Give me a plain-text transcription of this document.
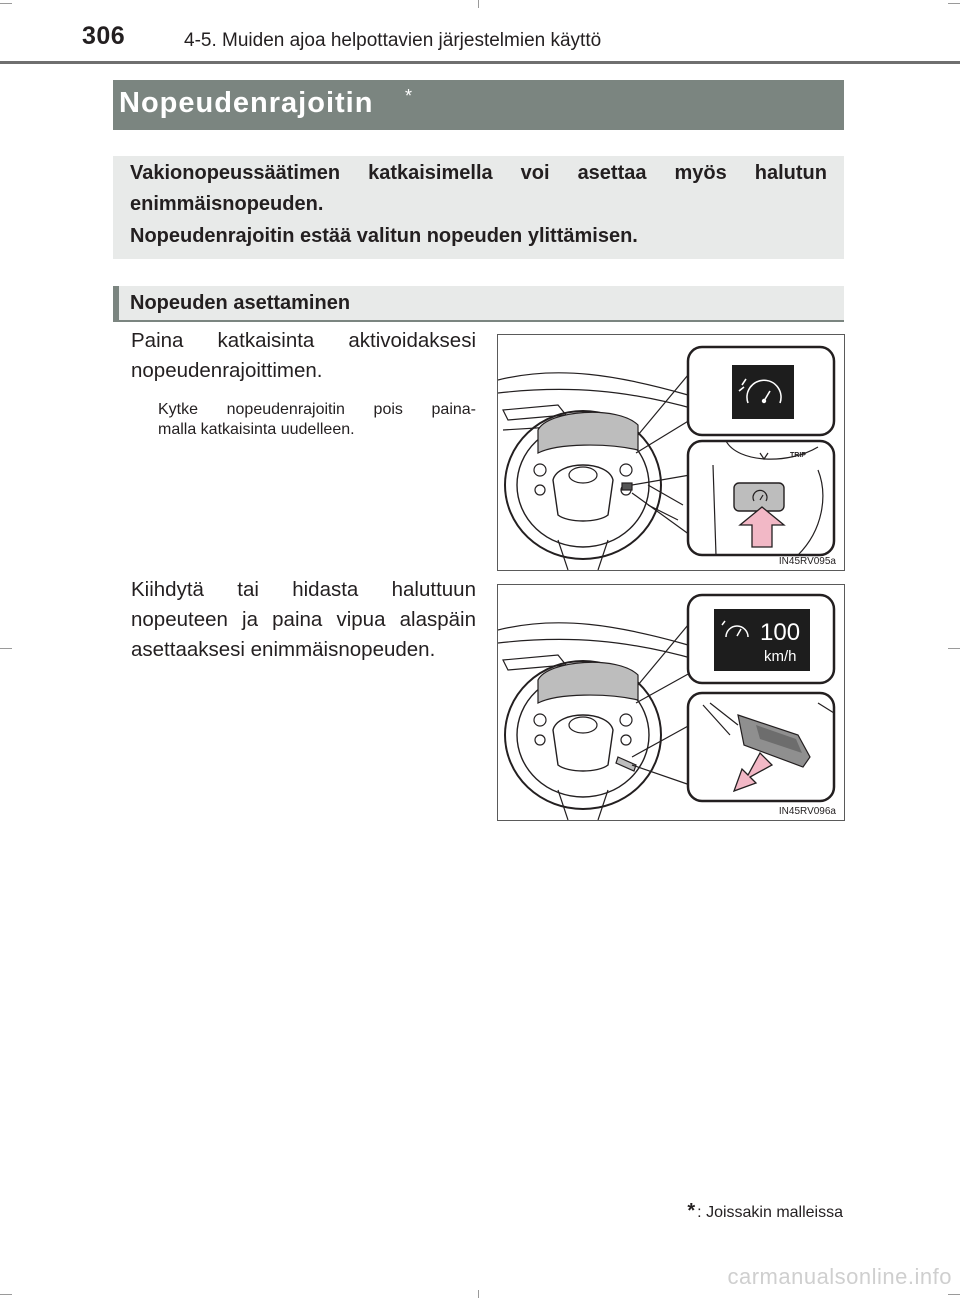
306	4-5. Muiden ajoa helpottavien järjestelmien käyttö
Nopeudenrajoitin *

Vakionopeussäätimen katkaisimella voi asettaa myös halutun

enimmäisnopeuden.

Nopeudenrajoitin estää valitun nopeuden ylittämisen.

Nopeuden asettaminen
Paina katkaisinta aktivoidaksesi
nopeudenrajoittimen.
Kytke nopeudenrajoitin pois paina-
malla katkaisinta uudelleen.
TRIP
IN45RV095a
Kiihdytä tai hidasta haluttuun
nopeuteen ja paina vipua alaspäin
asettaaksesi enimmäisnopeuden.
100
km/h
IN45RV096a
* : Joissakin malleissa
carmanualsonline.info
